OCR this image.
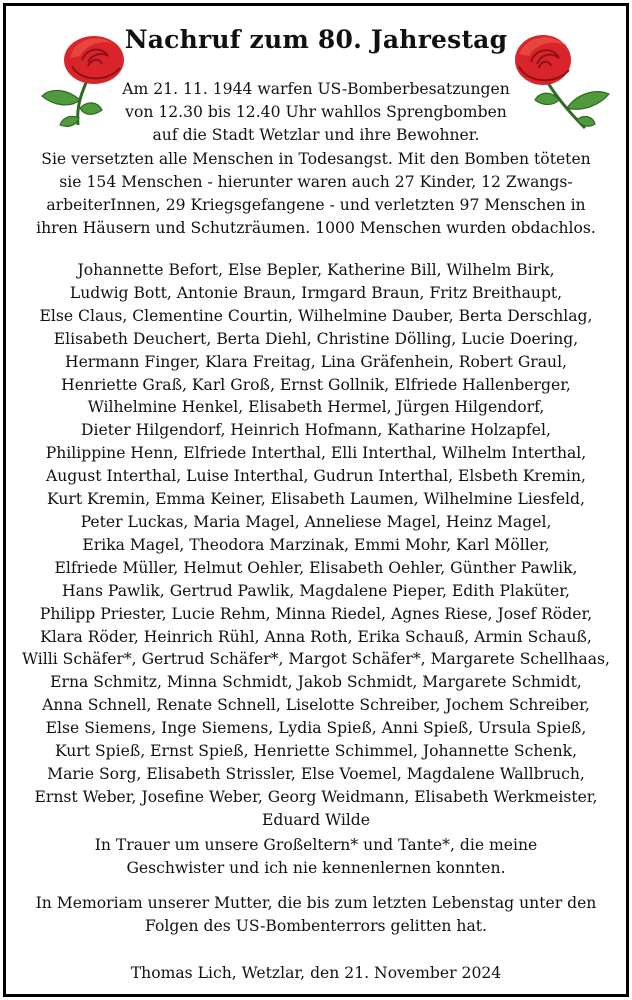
Nachruf zum 80. Jahrestag
Am 21. 11. 1944 warfen US-Bomberbesatzungen
von 12.30 bis 12.40 Uhr wahllos Sprengbomben
auf die Stadt Wetzlar und ihre Bewohner.
Sie versetzten alle Menschen in Todesangst. Mit den Bomben töteten
sie 154 Menschen - hierunter waren auch 27 Kinder, 12 Zwangs-
arbeiterInnen, 29 Kriegsgefangene - und verletzten 97 Menschen in
ihren Häusern und Schutzräumen. 1000 Menschen wurden obdachlos.
Johannette Befort, Else Bepler, Katherine Bill, Wilhelm Birk,
Ludwig Bott, Antonie Braun, Irmgard Braun, Fritz Breithaupt,
Else Claus, Clementine Courtin, Wilhelmine Dauber, Berta Derschlag,
Elisabeth Deuchert, Berta Diehl, Christine Dölling, Lucie Doering,
Hermann Finger, Klara Freitag, Lina Gräfenhein, Robert Graul,
Henriette Graß, Karl Groß, Ernst Gollnik, Elfriede Hallenberger,
Wilhelmine Henkel, Elisabeth Hermel, Jürgen Hilgendorf,
Dieter Hilgendorf, Heinrich Hofmann, Katharine Holzapfel,
Philippine Henn, Elfriede Interthal, Elli Interthal, Wilhelm Interthal,
August Interthal, Luise Interthal, Gudrun Interthal, Elsbeth Kremin,
Kurt Kremin, Emma Keiner, Elisabeth Laumen, Wilhelmine Liesfeld,
Peter Luckas, Maria Magel, Anneliese Magel, Heinz Magel,
Erika Magel, Theodora Marzinak, Emmi Mohr, Karl Möller,
Elfriede Müller, Helmut Oehler, Elisabeth Oehler, Günther Pawlik,
Hans Pawlik, Gertrud Pawlik, Magdalene Pieper, Edith Plaküter,
Philipp Priester, Lucie Rehm, Minna Riedel, Agnes Riese, Josef Röder,
Klara Röder, Heinrich Rühl, Anna Roth, Erika Schauß, Armin Schauß,
Willi Schäfer*, Gertrud Schäfer*, Margot Schäfer*, Margarete Schellhaas,
Erna Schmitz, Minna Schmidt, Jakob Schmidt, Margarete Schmidt,
Anna Schnell, Renate Schnell, Liselotte Schreiber, Jochem Schreiber,
Else Siemens, Inge Siemens, Lydia Spieß, Anni Spieß, Ursula Spieß,
Kurt Spieß, Ernst Spieß, Henriette Schimmel, Johannette Schenk,
Marie Sorg, Elisabeth Strissler, Else Voemel, Magdalene Wallbruch,
Ernst Weber, Josefine Weber, Georg Weidmann, Elisabeth Werkmeister,
Eduard Wilde
In Trauer um unsere Großeltern* und Tante*, die meine
Geschwister und ich nie kennenlernen konnten.
In Memoriam unserer Mutter, die bis zum letzten Lebenstag unter den
Folgen des US-Bombenterrors gelitten hat.
Thomas Lich, Wetzlar, den 21. November 2024
